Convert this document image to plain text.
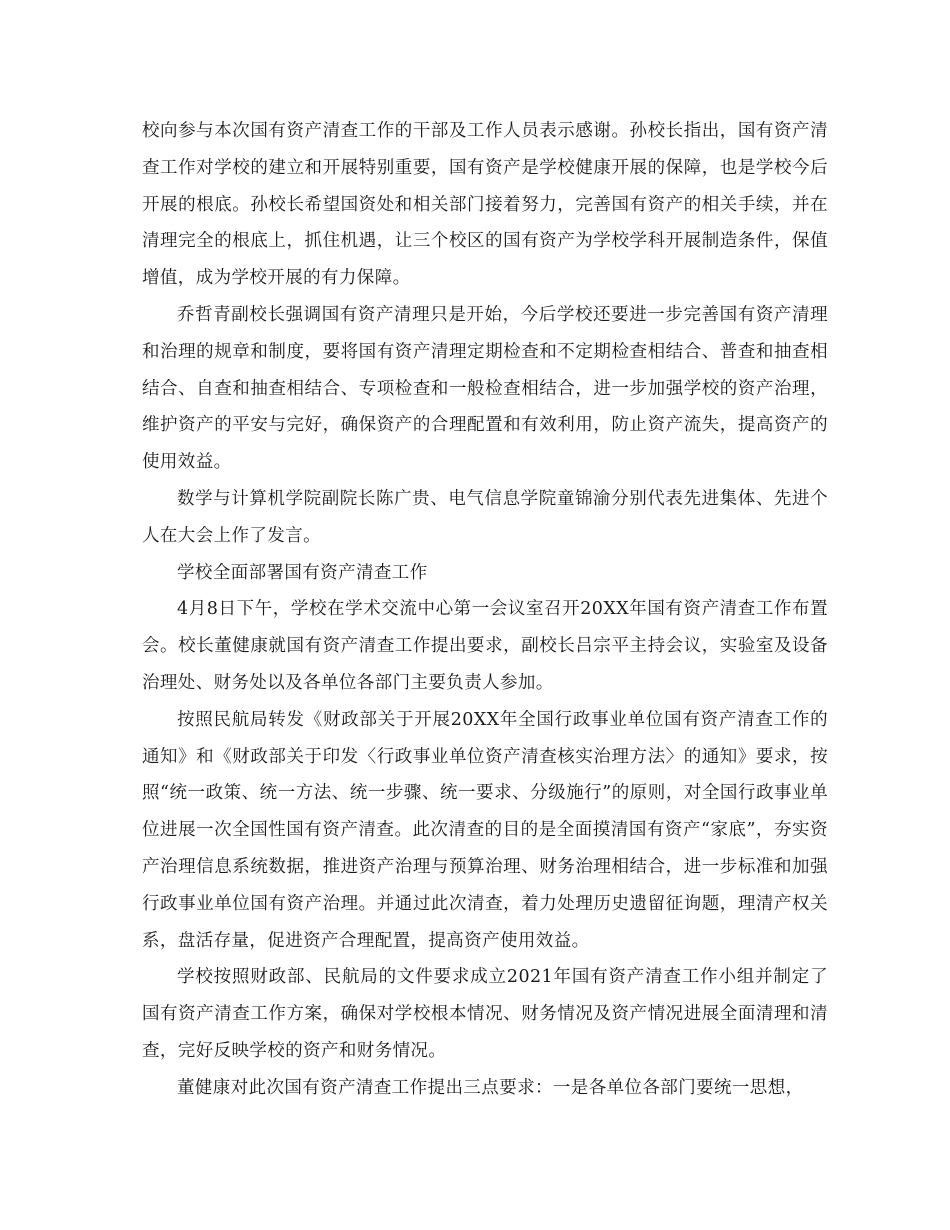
校向参与本次国有资产清查工作的干部及工作人员表示感谢。孙校长指出，国有资产清查工作对学校的建立和开展特别重要，国有资产是学校健康开展的保障，也是学校今后开展的根底。孙校长希望国资处和相关部门接着努力，完善国有资产的相关手续，并在清理完全的根底上，抓住机遇，让三个校区的国有资产为学校学科开展制造条件，保值增值，成为学校开展的有力保障。

乔哲青副校长强调国有资产清理只是开始，今后学校还要进一步完善国有资产清理和治理的规章和制度，要将国有资产清理定期检查和不定期检查相结合、普查和抽查相结合、自查和抽查相结合、专项检查和一般检查相结合，进一步加强学校的资产治理，维护资产的平安与完好，确保资产的合理配置和有效利用，防止资产流失，提高资产的使用效益。

数学与计算机学院副院长陈广贵、电气信息学院童锦渝分别代表先进集体、先进个人在大会上作了发言。

学校全面部署国有资产清查工作

4月8日下午，学校在学术交流中心第一会议室召开20XX年国有资产清查工作布置会。校长董健康就国有资产清查工作提出要求，副校长吕宗平主持会议，实验室及设备治理处、财务处以及各单位各部门主要负责人参加。

按照民航局转发《财政部关于开展20XX年全国行政事业单位国有资产清查工作的通知》和《财政部关于印发〈行政事业单位资产清查核实治理方法〉的通知》要求，按照“统一政策、统一方法、统一步骤、统一要求、分级施行”的原则，对全国行政事业单位进展一次全国性国有资产清查。此次清查的目的是全面摸清国有资产“家底”，夯实资产治理信息系统数据，推进资产治理与预算治理、财务治理相结合，进一步标准和加强行政事业单位国有资产治理。并通过此次清查，着力处理历史遗留征询题，理清产权关系，盘活存量，促进资产合理配置，提高资产使用效益。

学校按照财政部、民航局的文件要求成立2021年国有资产清查工作小组并制定了国有资产清查工作方案，确保对学校根本情况、财务情况及资产情况进展全面清理和清查，完好反映学校的资产和财务情况。

董健康对此次国有资产清查工作提出三点要求：一是各单位各部门要统一思想，
